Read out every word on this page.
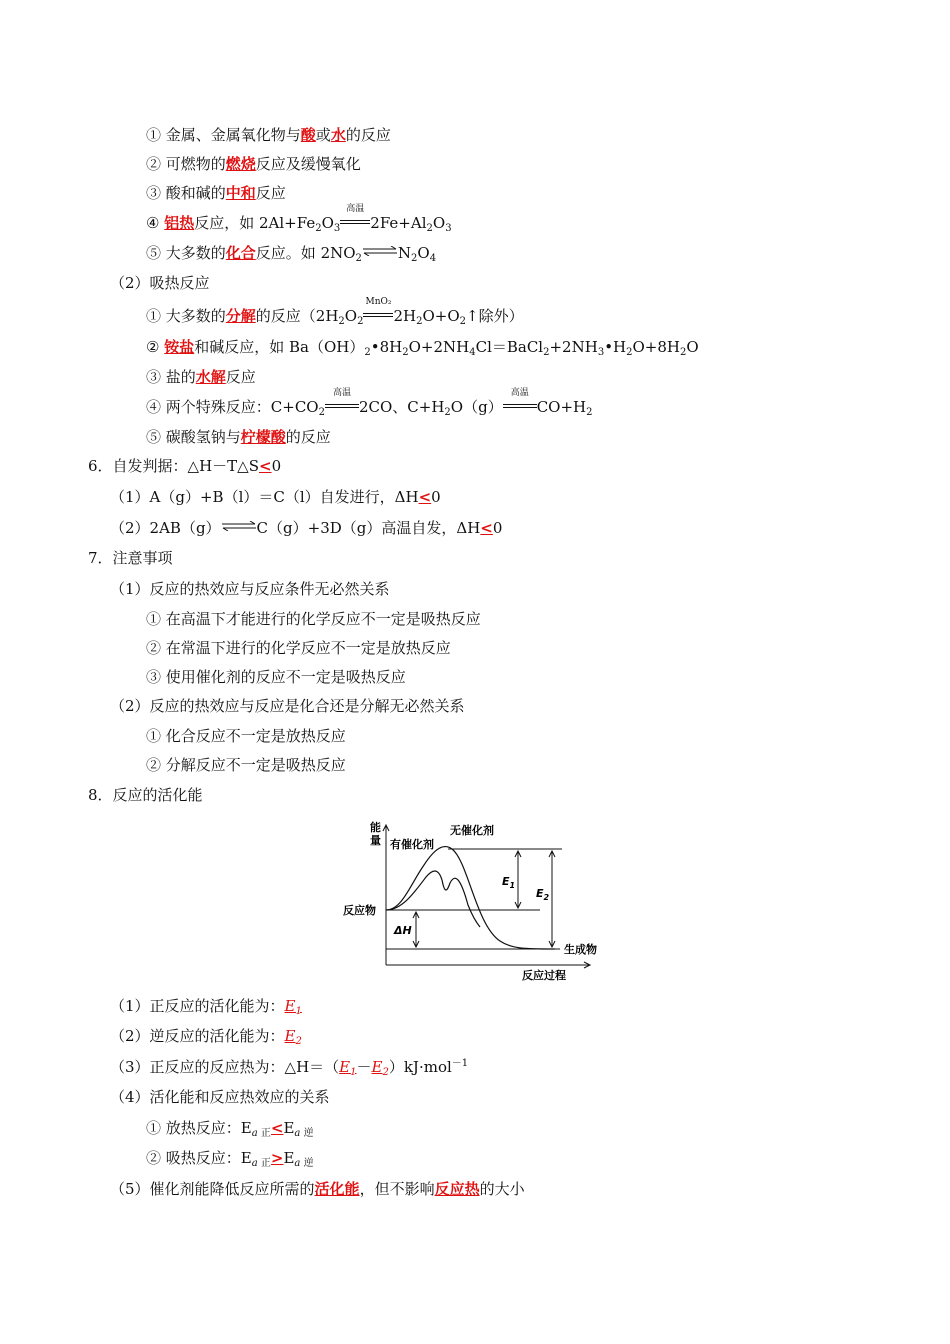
① 金属、金属氧化物与酸或水的反应
② 可燃物的燃烧反应及缓慢氧化
③ 酸和碱的中和反应
④ 铝热反应，如 $2Al+Fe_2O_3$
高温
$2Fe+Al_2O_3$
⑤ 大多数的化合反应。如 $2NO_2$ $\rightleftharpoons N_2O_4$
（2）吸热反应
① 大多数的分解的反应（$2H_2O_2$
MnO₂
$2H_2O+O_2↑$除外）
② 铵盐和碱反应，如 $Ba(OH)_2•8H_2O+2NH_4Cl=BaCl_2+2NH_3•H_2O+8H_2O$
③ 盐的水解反应
④ 两个特殊反应：$C+CO_2$
高温
2CO、$C+H_2O(g)$
高温
$CO+H_2$
⑤ 碳酸氢钠与柠檬酸的反应
6．自发判据：△H－T△S<0
（1）A（g）+B（l）＝C（l）自发进行，ΔH<0
（2）2AB（g）⇌C（g）+3D（g）高温自发，ΔH<0
7．注意事项
（1）反应的热效应与反应条件无必然关系
① 在高温下才能进行的化学反应不一定是吸热反应
② 在常温下进行的化学反应不一定是放热反应
③ 使用催化剂的反应不一定是吸热反应
（2）反应的热效应与反应是化合还是分解无必然关系
① 化合反应不一定是放热反应
② 分解反应不一定是吸热反应
8．反应的活化能
能
量
无催化剂
有催化剂
反应物
生成物
反应过程
ΔH
$E_1$
$E_2$
（1）正反应的活化能为：$E_1$
（2）逆反应的活化能为：$E_2$
（3）正反应的反应热为：$\triangle H=(E_1-E_2)kJ\cdot mol^{-1}$
（4）活化能和反应热效应的关系
① 放热反应：$E_{a 正}<E_{a 逆}$
② 吸热反应：$E_{a 正}>E_{a 逆}$
（5）催化剂能降低反应所需的活化能，但不影响反应热的大小
